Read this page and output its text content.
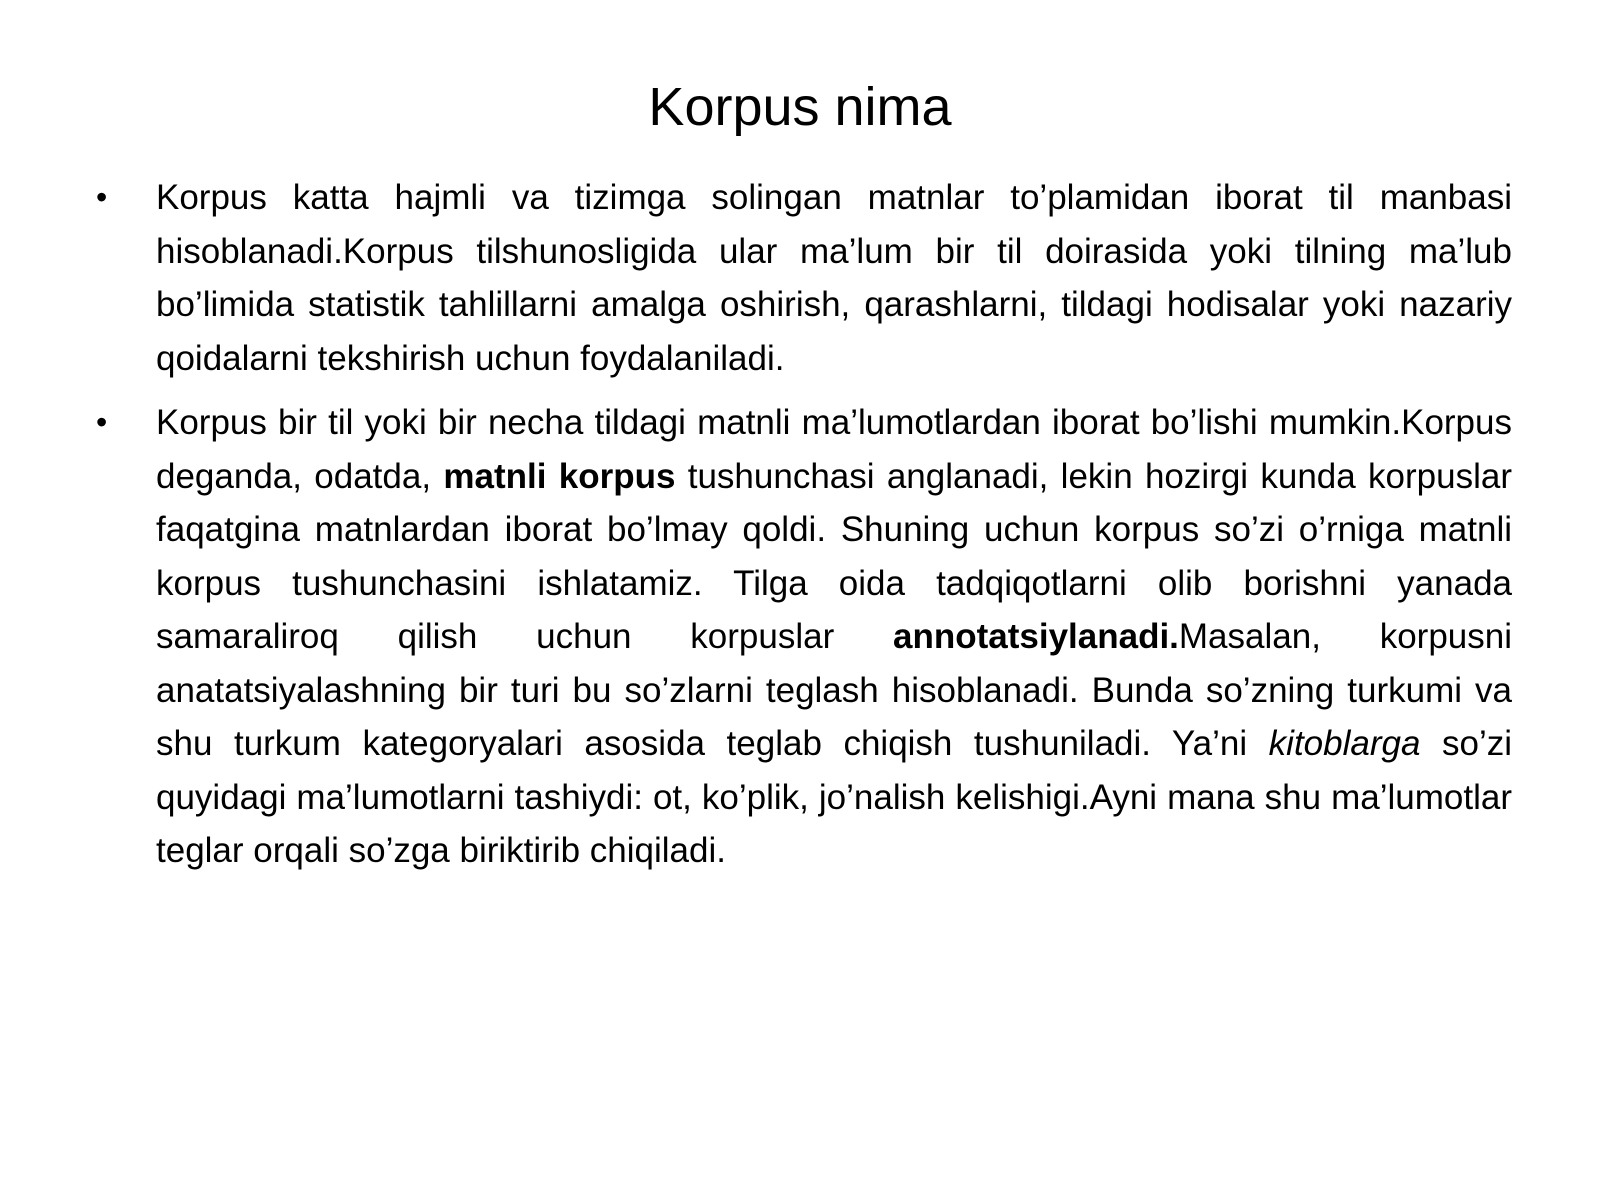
Korpus nima
• Korpus katta hajmli va tizimga solingan matnlar to’plamidan iborat til manbasi hisoblanadi.Korpus tilshunosligida ular ma’lum bir til doirasida yoki tilning ma’lub bo’limida statistik tahlillarni amalga oshirish, qarashlarni, tildagi hodisalar yoki nazariy qoidalarni tekshirish uchun foydalaniladi.
• Korpus bir til yoki bir necha tildagi matnli ma’lumotlardan iborat bo’lishi mumkin.Korpus deganda, odatda, matnli korpus tushunchasi anglanadi, lekin hozirgi kunda korpuslar faqatgina matnlardan iborat bo’lmay qoldi. Shuning uchun korpus so’zi o’rniga matnli korpus tushunchasini ishlatamiz. Tilga oida tadqiqotlarni olib borishni yanada samaraliroq qilish uchun korpuslar annotatsiylanadi.Masalan, korpusni anatatsiyalashning bir turi bu so’zlarni teglash hisoblanadi. Bunda so’zning turkumi va shu turkum kategoryalari asosida teglab chiqish tushuniladi. Ya’ni kitoblarga so’zi quyidagi ma’lumotlarni tashiydi: ot, ko’plik, jo’nalish kelishigi.Ayni mana shu ma’lumotlar teglar orqali so’zga biriktirib chiqiladi.
